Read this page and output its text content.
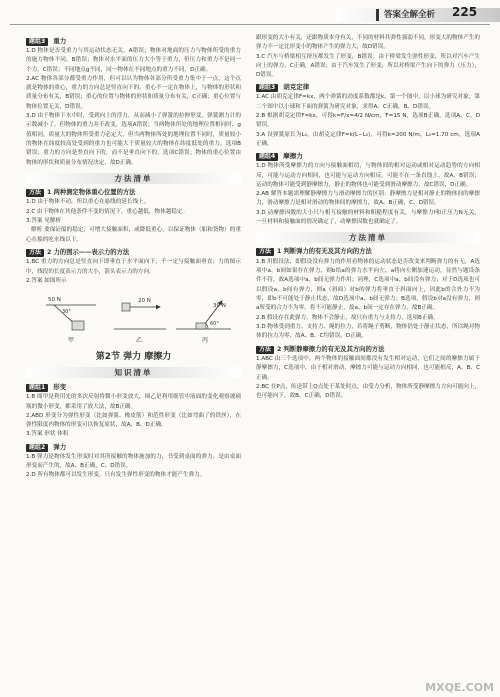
答案全解全析 225
题组3 重力

1.D 物体是否受重力与其运动状态无关，A错误；物体对地面的压力与物体所受的重力的施力物体不同，B错误；物体对水平面的压力大小等于重力，但压力和重力不是同一个力，C错误；不同地点g不同，同一物体在不同地点的重力不同，D正确。

2.AC 物体各部分都受重力作用，但可以认为物体各部分所受重力集中于一点，这个点就是物体的重心，重力的方向总是竖直向下的，重心不一定在物体上，与物体的形状和质量分布有关，B错误；重心的位置与物体的形状和质量分布有关，C正确；重心位置与物体位置无关，D错误。

3.D 由于物体下水中时，受到向上的浮力，从而减小了弹簧的拉伸形变，弹簧测力计的示数减小了，但物体的重力并不改变，选项A错误；当两物体所处的地理位置相同时，g值相同，质量大的物体所受重力必定大，但当两物体所处的地理位置不同时，质量较小的物体在纬度较高处受到的重力也可能大于质量较大的物体在纬度低处的重力，选项B错误；重力的方向是竖直向下的，而不是垂直向下的，选项C错误；物体的重心位置由物体的形状和质量分布情况决定，故D正确。

方法清单
方法 1 两种测定物体重心位置的方法

1.D 由于物体不动，所以重心在悬线的延长线上。

2.C 由于物体在其他条件不变的情况下，重心越低，物体越稳定。

3.答案 见解析

解析 要保证船的稳定，可增大接触面积，或降低重心，以保证物体（船和货物）的重心在船的吃水线以下。

方法 2 力的图示——表示力的方法

1.BC 重力的方向总是竖直向下即垂直于水平面向下，不一定与接触面垂直；力的图示中，线段的长度表示力的大小，箭头表示力的方向。

2.答案 如图所示

50 N
30°
甲
20 N
乙
30 N
60°
丙
第2节 弹力 摩擦力
知识清单
题组1 形变

1.B 图甲是利用光的多次反射将微小形变放大，图乙是利用细管中液面的变化观察玻璃瓶的微小形变，都采用了放大法，故B正确。

2.ABD 形变分为弹性形变（比如弹簧、橡皮筋）和范性形变（比如弯曲了的铁丝），在弹性限度内物体的形变可以恢复原状，故A、B、D正确。

3.答案 形状 体积

题组2 弹力

1.B 弹力是物体发生形变时对其所接触的物体施加的力，书受到桌面的弹力，是由桌面形变而产生的，故A、B正确，C、D错误。

2.D 所有物体都可以发生形变，只有发生弹性形变的物体才能产生弹力。

跟形变的大小有关，还跟物质本身有关，不同的材料其弹性强弱不同，形变大的物体产生的弹力不一定比形变小的物体产生的弹力大，故D错误。

3.C 汽车与桥梁相互挤压都发生了形变，B错误；由于桥梁发生弹性形变，所以对汽车产生向上的弹力，C正确，A错误；由于汽车发生了形变，所以对桥梁产生向下的弹力（压力），D错误。

题组3 胡克定律

1.AC 由胡克定律F=kx，两个弹簧的劲度系数都是k，第一个图中，以小球为研究对象，第二个图中以小球和下面的弹簧为研究对象，求得A、C正确，B、D错误。

2.B 根据胡克定律F=kx，可得k=F/x=4/2 N/cm，F=15 N，选项B正确，选项A、C、D错误。

3.A 设弹簧原长为L₀，由胡克定律F=k(L−L₀)，可得k=200 N/m，L₀=1.70 cm，选项A正确。

题组4 摩擦力

1.D 物体所受摩擦力的方向与接触面相切，与物体间的相对运动或相对运动趋势的方向相反，可能与运动方向相同，也可能与运动方向相反，可能不在一条直线上，故A、B错误；运动的物体可能受到静摩擦力，静止的物体也可能受到滑动摩擦力，故C错误，D正确。

2.AB 解答本题需理解静摩擦力与滑动摩擦力的区别：静摩擦力是相对静止的物体间的摩擦力，滑动摩擦力是相对滑动的物体间的摩擦力，故A、B正确，C、D错误。

3.D 动摩擦因数的大小只与相互接触的材料和粗糙程度有关，与摩擦力f和正压力N无关，一旦材料和接触面的情况确定了，动摩擦因数也就确定了。

方法清单
方法 1 判断弹力的有无及其方向的方法

1.B 用假设法，即假设没有弹力的作用看物体的运动状态是否改变来判断弹力的有无，A选项中a、b间如果存在弹力，则b给a的弹力水平向左，a将向左侧加速运动，显然与题设条件不符，故A选项中a、b间无弹力作用；同理，C选项中a、b间没有弹力；对于D选项也可以假设a、b间有弹力，则a（斜面）对b的弹力将垂直于斜面向上，因此b的合外力不为零，即b不可能处于静止状态，故D选项中a、b间无弹力；B选项，假设b对a没有弹力，则a所受的合力不为零，将不可能静止，故a、b间一定存在弹力，故B正确。

2.B 假设存在此弹力，物体不会静止。故只有重力与支持力，选项B正确。

3.D 物体受到重力、支持力、绳的拉力，若将绳子剪断，物体仍处于静止状态，所以绳对物体的拉力为零，故A、B、C均错误，D正确。

方法 2 判断静摩擦力的有无及其方向的方法

1.ABC 由三个选项中，两个物体的接触面间都没有发生相对运动，它们之间的摩擦力属于静摩擦力，C选项中，由于相对滑动，摩擦力可能与运动方向相同，也可能相反，A、B、C正确。

2.BC 在P点，传送带上Q点处于某处时点，由受力分析，物体所受静摩擦力方向可能向上，也可能向下，故B、C正确，D错误。

MXQE.COM
